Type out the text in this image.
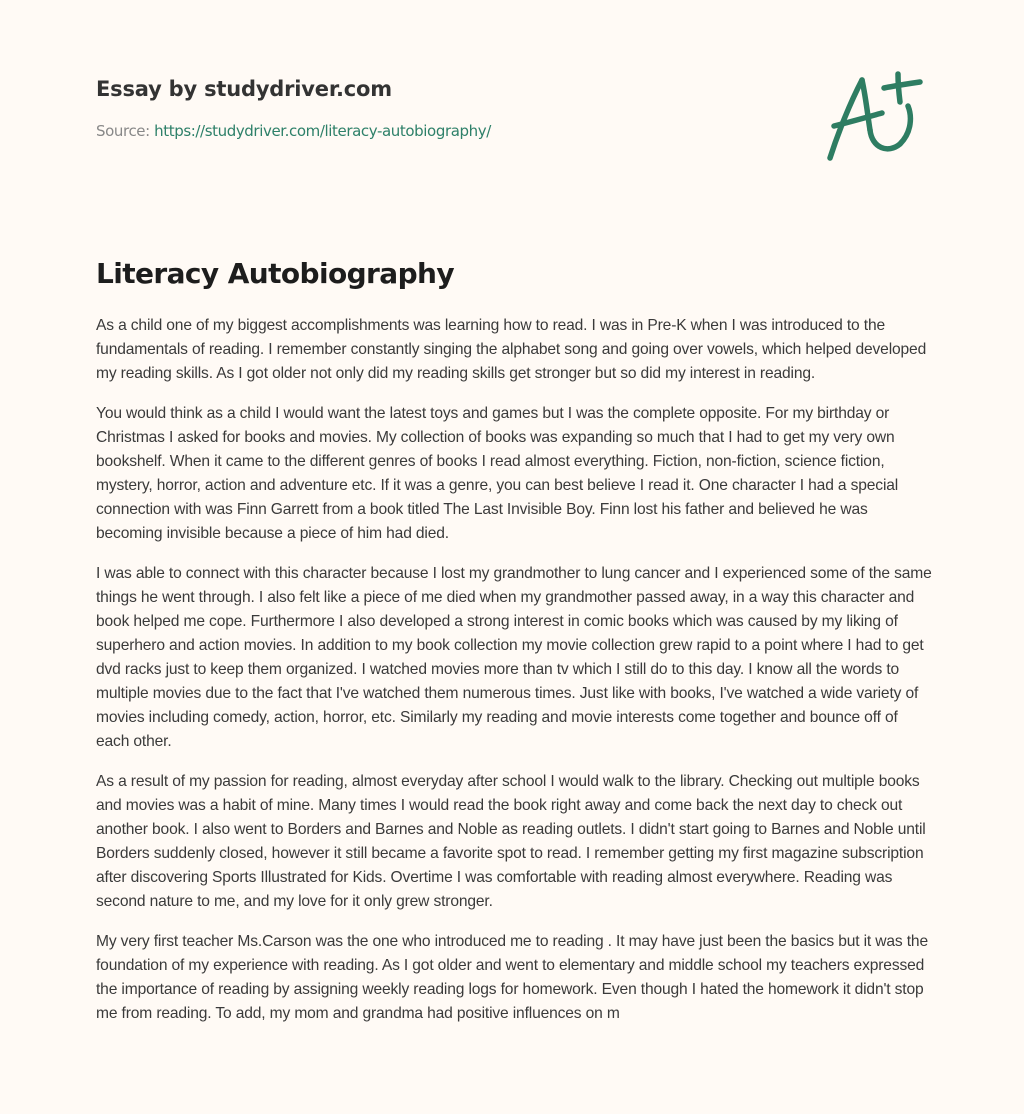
Essay by studydriver.com
Source: https://studydriver.com/literacy-autobiography/
Literacy Autobiography

As a child one of my biggest accomplishments was learning how to read. I was in Pre-K when I was introduced to the fundamentals of reading. I remember constantly singing the alphabet song and going over vowels, which helped developed my reading skills. As I got older not only did my reading skills get stronger but so did my interest in reading.

You would think as a child I would want the latest toys and games but I was the complete opposite. For my birthday or Christmas I asked for books and movies. My collection of books was expanding so much that I had to get my very own bookshelf. When it came to the different genres of books I read almost everything. Fiction, non-fiction, science fiction, mystery, horror, action and adventure etc. If it was a genre, you can best believe I read it. One character I had a special connection with was Finn Garrett from a book titled The Last Invisible Boy. Finn lost his father and believed he was becoming invisible because a piece of him had died.

I was able to connect with this character because I lost my grandmother to lung cancer and I experienced some of the same things he went through. I also felt like a piece of me died when my grandmother passed away, in a way this character and book helped me cope. Furthermore I also developed a strong interest in comic books which was caused by my liking of superhero and action movies. In addition to my book collection my movie collection grew rapid to a point where I had to get dvd racks just to keep them organized. I watched movies more than tv which I still do to this day. I know all the words to multiple movies due to the fact that I've watched them numerous times. Just like with books, I've watched a wide variety of movies including comedy, action, horror, etc. Similarly my reading and movie interests come together and bounce off of each other.

As a result of my passion for reading, almost everyday after school I would walk to the library. Checking out multiple books and movies was a habit of mine. Many times I would read the book right away and come back the next day to check out another book. I also went to Borders and Barnes and Noble as reading outlets. I didn't start going to Barnes and Noble until Borders suddenly closed, however it still became a favorite spot to read. I remember getting my first magazine subscription after discovering Sports Illustrated for Kids. Overtime I was comfortable with reading almost everywhere. Reading was second nature to me, and my love for it only grew stronger.

My very first teacher Ms.Carson was the one who introduced me to reading . It may have just been the basics but it was the foundation of my experience with reading. As I got older and went to elementary and middle school my teachers expressed the importance of reading by assigning weekly reading logs for homework. Even though I hated the homework it didn't stop me from reading. To add, my mom and grandma had positive influences on m
